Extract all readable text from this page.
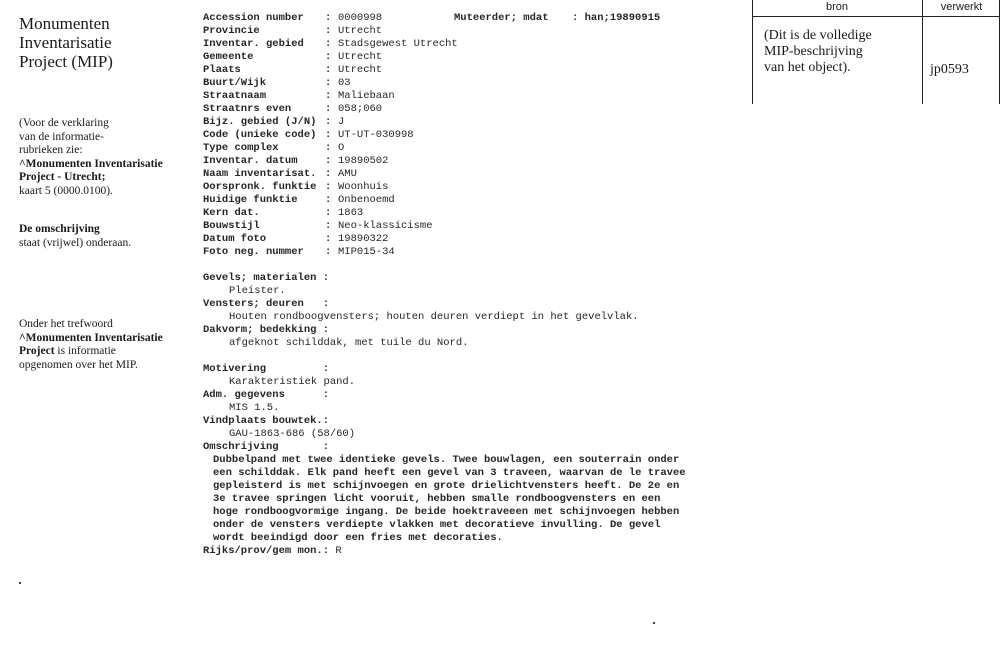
Monumenten
Inventarisatie
Project (MIP)
(Voor de verklaring
van de informatie-
rubrieken zie:
^Monumenten Inventarisatie
Project - Utrecht;
kaart 5 (0000.0100).
De omschrijving
staat (vrijwel) onderaan.
Onder het trefwoord
^Monumenten Inventarisatie
Project is informatie
opgenomen over het MIP.
bron	verwerkt
(Dit is de volledige
MIP-beschrijving
van het object).	jp0593
Muteerder; mdat : han;19890915
Accession number : 0000998
Provincie	: Utrecht
Inventar. gebied : Stadsgewest Utrecht
Gemeente	: Utrecht
Plaats	: Utrecht
Buurt/Wijk	: 03
Straatnaam	: Maliebaan
Straatnrs even	: 058;060
Bijz. gebied (J/N) : J
Code (unieke code) : UT-UT-030998
Type complex	: O
Inventar. datum	: 19890502
Naam inventarisat. : AMU
Oorspronk. funktie : Woonhuis
Huidige funktie	: Onbenoemd
Kern dat.	: 1863
Bouwstijl	: Neo-klassicisme
Datum foto	: 19890322
Foto neg. nummer : MIP015-34
Gevels; materialen :
Pleister.
Vensters; deuren   :
Houten rondboogvensters; houten deuren verdiept in het gevelvlak.
Dakvorm; bedekking :
afgeknot schilddak, met tuile du Nord.
Motivering         :
Karakteristiek pand.
Adm. gegevens      :
MIS 1.5.
Vindplaats bouwtek.:
GAU-1863-686 (58/60)
Omschrijving       :
Dubbelpand met twee identieke gevels. Twee bouwlagen, een souterrain onder
een schilddak. Elk pand heeft een gevel van 3 traveen, waarvan de le travee
gepleisterd is met schijnvoegen en grote drielichtvensters heeft. De 2e en
3e travee springen licht vooruit, hebben smalle rondboogvensters en een
hoge rondboogvormige ingang. De beide hoektraveeen met schijnvoegen hebben
onder de vensters verdiepte vlakken met decoratieve invulling. De gevel
wordt beeindigd door een fries met decoraties.
Rijks/prov/gem mon.: R
